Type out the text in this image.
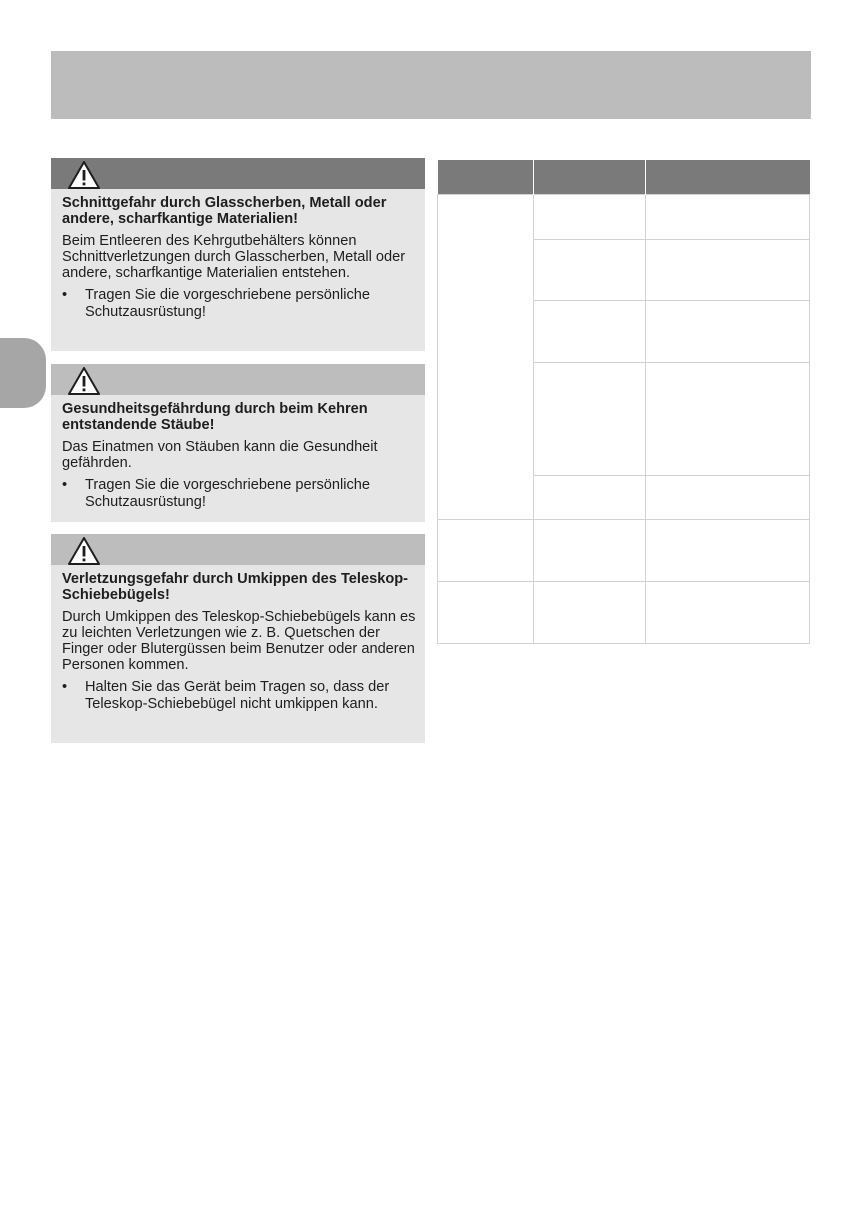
Schnittgefahr durch Glasscherben, Metall oder andere, scharfkantige Materialien!

Beim Entleeren des Kehrgutbehälters können Schnittverletzungen durch Glasscherben, Metall oder andere, scharfkantige Materialien entstehen.

• Tragen Sie die vorgeschriebene persönliche Schutzausrüstung!

Gesundheitsgefährdung durch beim Kehren entstandende Stäube!

Das Einatmen von Stäuben kann die Gesundheit gefährden.

• Tragen Sie die vorgeschriebene persönliche Schutzausrüstung!

Verletzungsgefahr durch Umkippen des Teleskop-Schiebebügels!

Durch Umkippen des Teleskop-Schiebebügels kann es zu leichten Verletzungen wie z. B. Quetschen der Finger oder Blutergüssen beim Benutzer oder anderen Personen kommen.

• Halten Sie das Gerät beim Tragen so, dass der Teleskop-Schiebebügel nicht umkippen kann.
